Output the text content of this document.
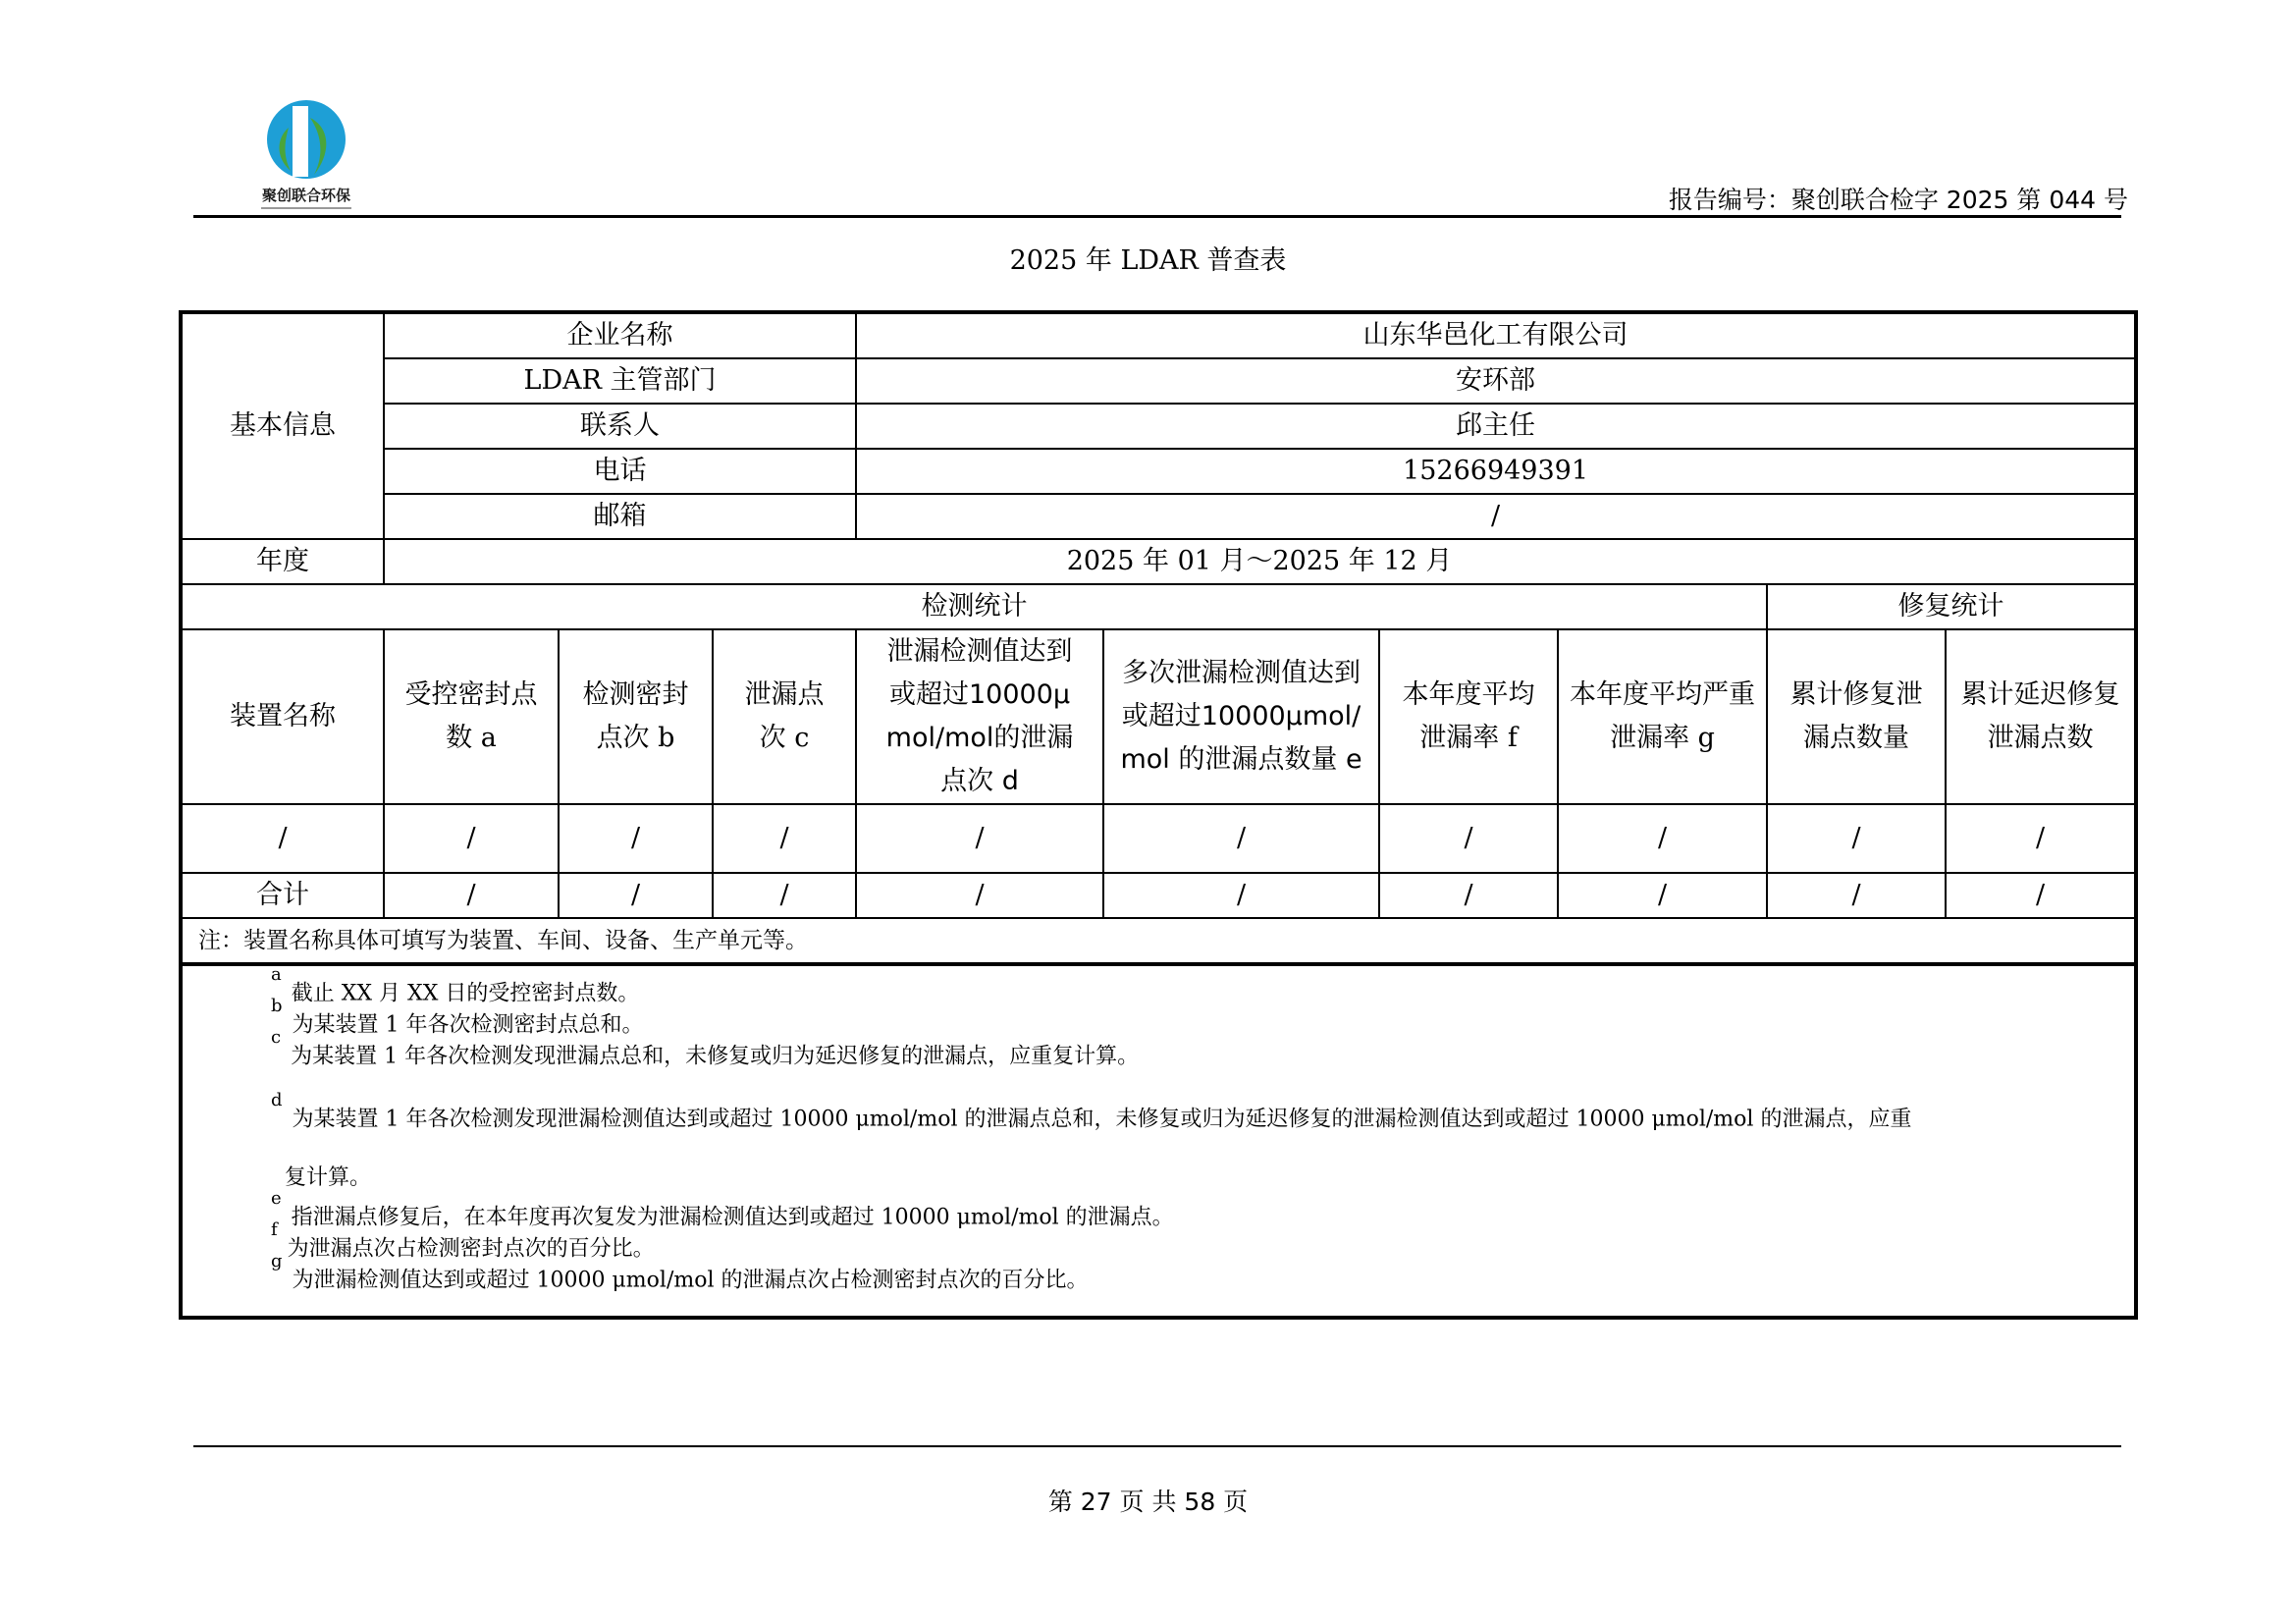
聚创联合环保	报告编号：聚创联合检字 2025 第 044 号
2025 年 LDAR 普查表
基本信息	企业名称			山东华邑化工有限公司					
	LDAR 主管部门			安环部					
	联系人			邱主任					
	电话			15266949391					
	邮箱			/					
年度	2025 年 01 月～2025 年 12 月								
检测统计								修复统计	
装置名称	受控密封点数 a	检测密封点次 b	泄漏点次 c	泄漏检测值达到或超过10000μmol/mol的泄漏点次 d	多次泄漏检测值达到或超过10000μmol/mol 的泄漏点数量 e	本年度平均泄漏率 f	本年度平均严重泄漏率 g	累计修复泄漏点数量	累计延迟修复泄漏点数
/	/	/	/	/	/	/	/	/	/
合计	/	/	/	/	/	/	/	/	/
注：装置名称具体可填写为装置、车间、设备、生产单元等。									
$^a$截止 XX 月 XX 日的受控密封点数。
$^b$为某装置 1 年各次检测密封点总和。
$^c$为某装置 1 年各次检测发现泄漏点总和，未修复或归为延迟修复的泄漏点，应重复计算。
$^d$为某装置 1 年各次检测发现泄漏检测值达到或超过 10000 μmol/mol 的泄漏点总和，未修复或归为延迟修复的泄漏检测值达到或超过 10000 μmol/mol 的泄漏点，应重
复计算。
$^e$指泄漏点修复后，在本年度再次复发为泄漏检测值达到或超过 10000 μmol/mol 的泄漏点。
$^f$为泄漏点次占检测密封点次的百分比。
$^g$为泄漏检测值达到或超过 10000 μmol/mol 的泄漏点次占检测密封点次的百分比。
第 27 页 共 58 页
